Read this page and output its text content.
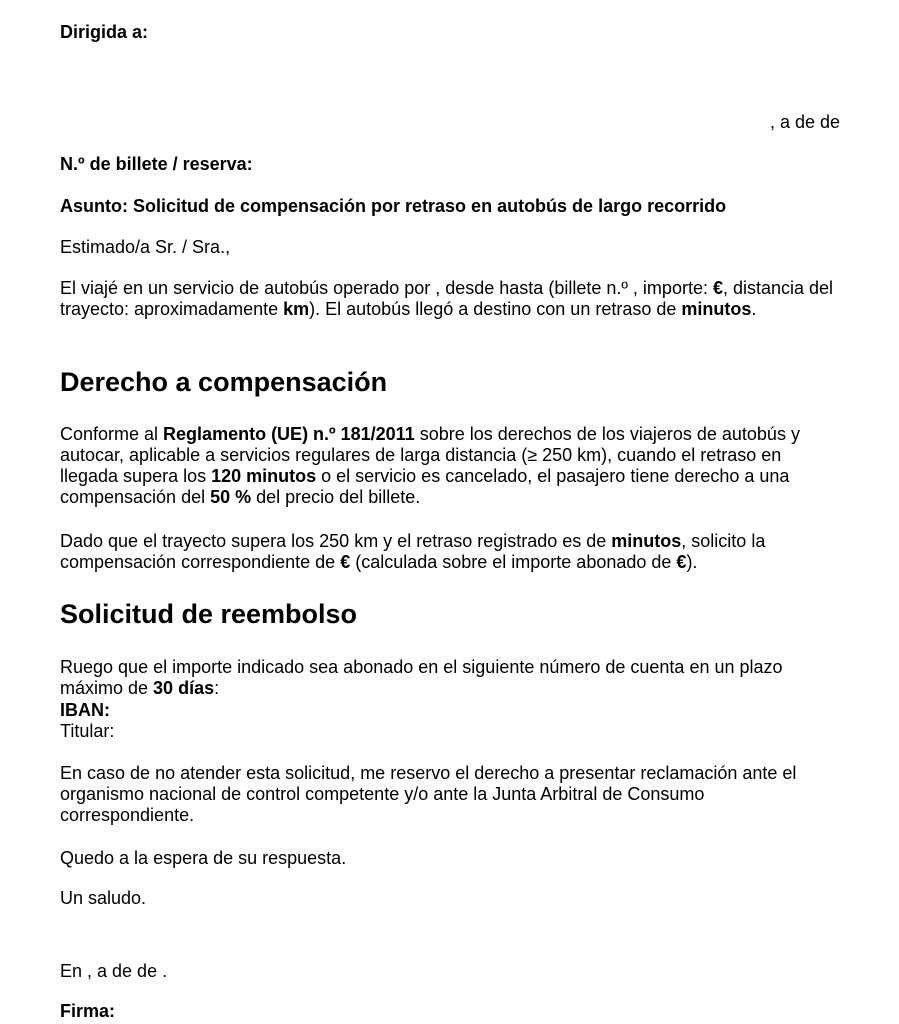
Dirigida a:

, a de de

N.º de billete / reserva:

Asunto: Solicitud de compensación por retraso en autobús de largo recorrido

Estimado/a Sr. / Sra.,

El viajé en un servicio de autobús operado por , desde hasta (billete n.º , importe: €, distancia del trayecto: aproximadamente km). El autobús llegó a destino con un retraso de minutos.

Derecho a compensación

Conforme al Reglamento (UE) n.º 181/2011 sobre los derechos de los viajeros de autobús y autocar, aplicable a servicios regulares de larga distancia (≥ 250 km), cuando el retraso en llegada supera los 120 minutos o el servicio es cancelado, el pasajero tiene derecho a una compensación del 50 % del precio del billete.

Dado que el trayecto supera los 250 km y el retraso registrado es de minutos, solicito la compensación correspondiente de € (calculada sobre el importe abonado de €).

Solicitud de reembolso

Ruego que el importe indicado sea abonado en el siguiente número de cuenta en un plazo máximo de 30 días:

IBAN:

Titular:

En caso de no atender esta solicitud, me reservo el derecho a presentar reclamación ante el organismo nacional de control competente y/o ante la Junta Arbitral de Consumo correspondiente.

Quedo a la espera de su respuesta.

Un saludo.

En , a de de .

Firma:
